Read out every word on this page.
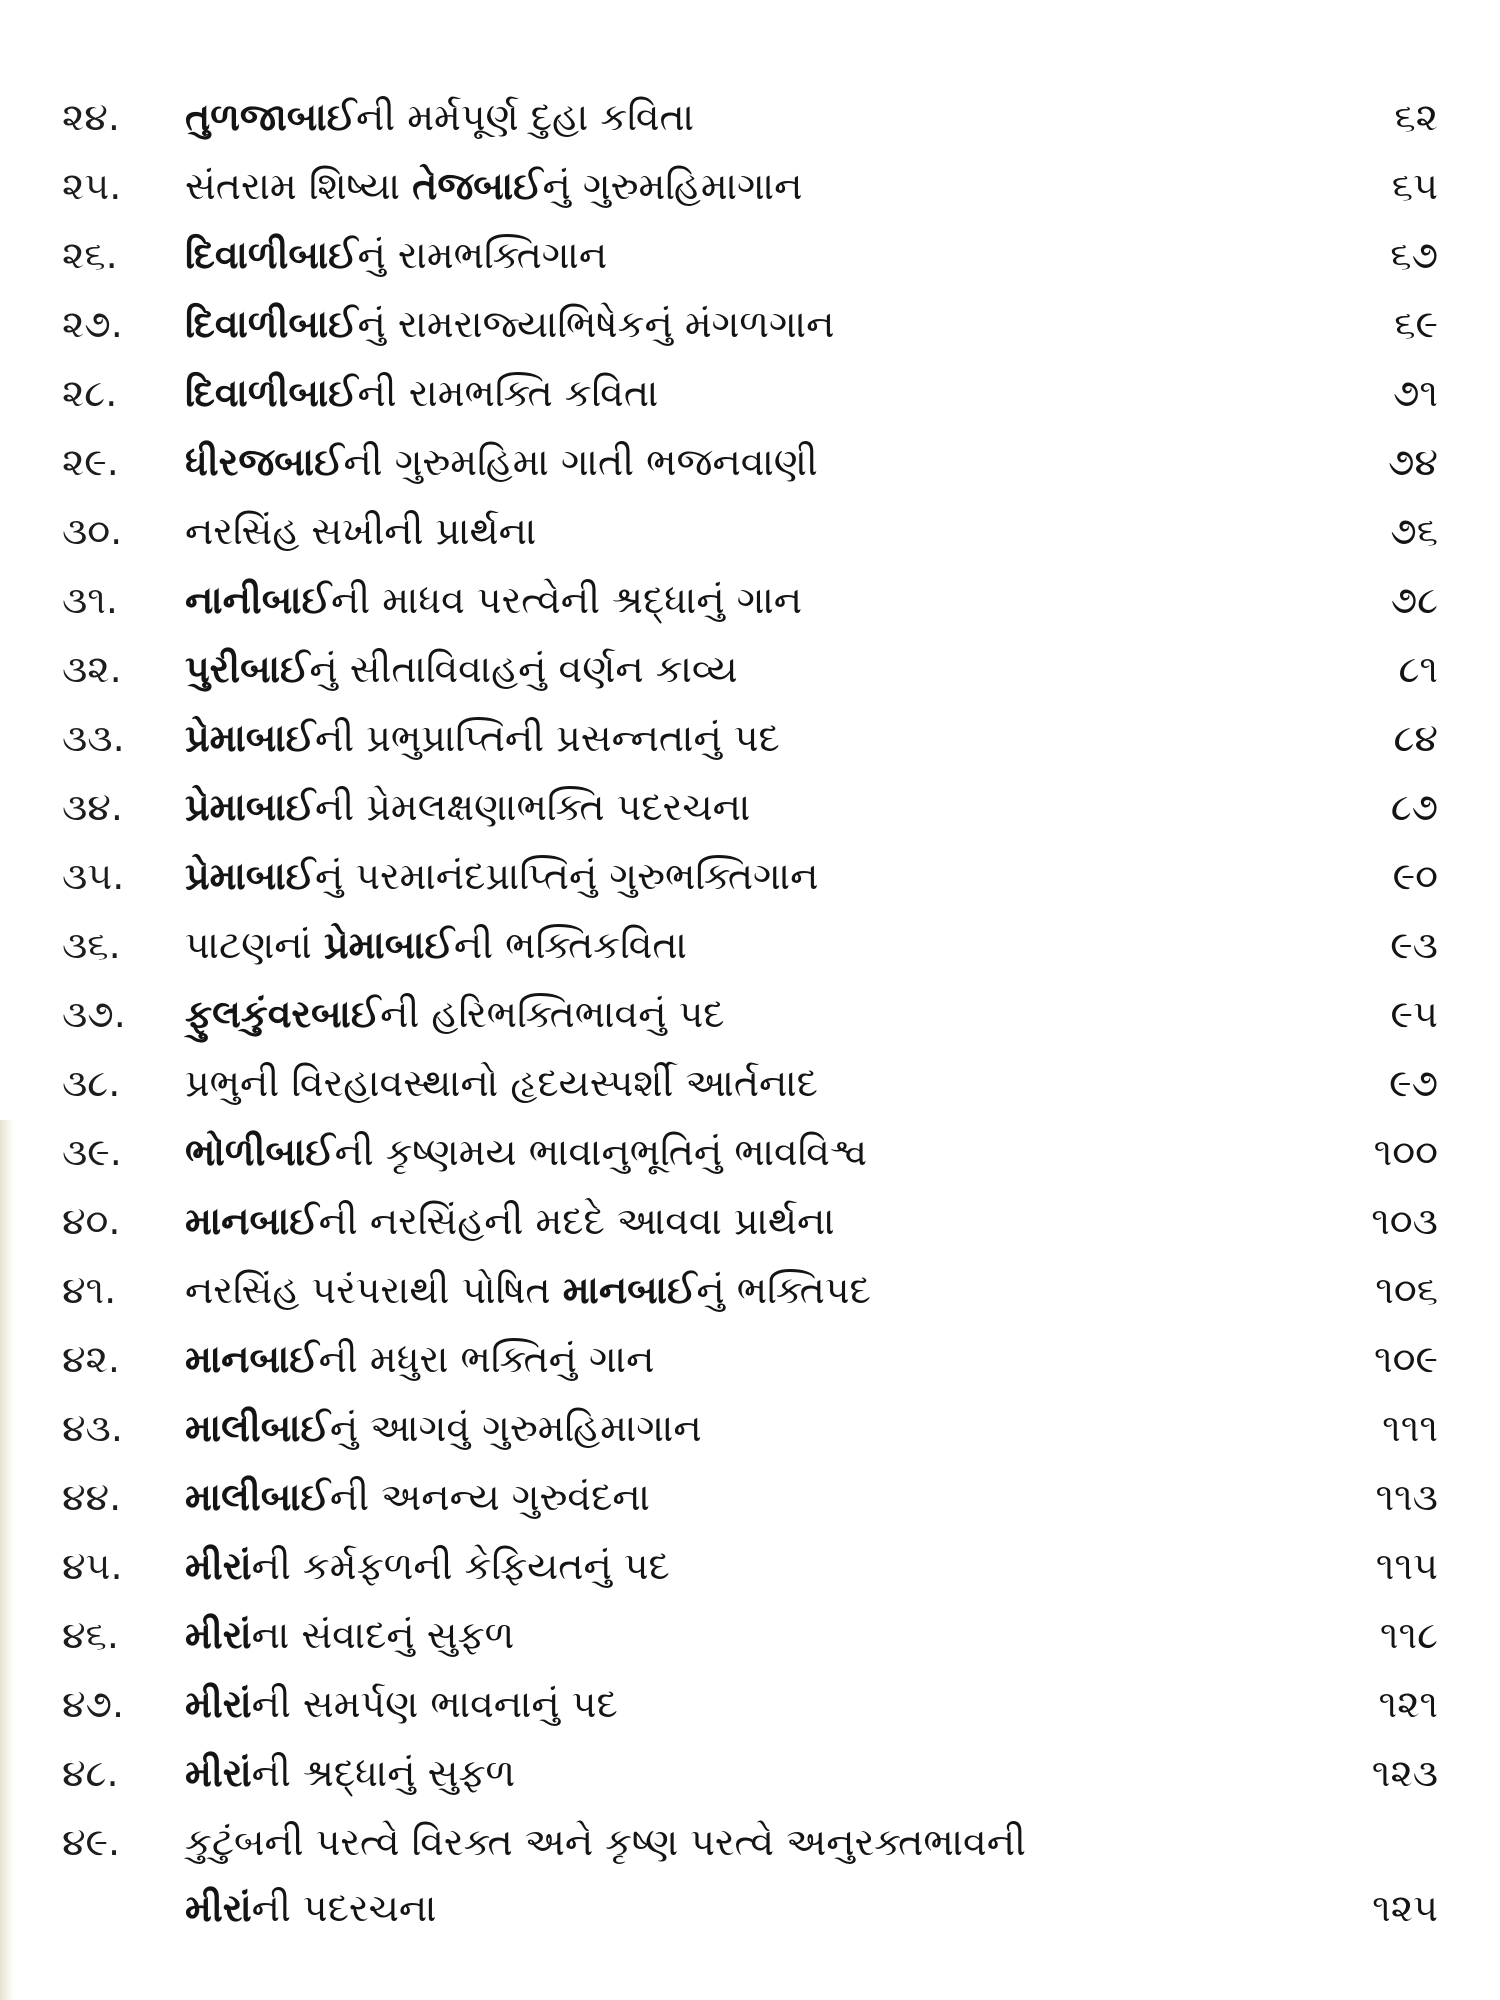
૨૪.	તુળજાબાઈની મર્મપૂર્ણ દુહા કવિતા	૬૨
૨૫.	સંતરામ શિષ્યા તેજબાઈનું ગુરુમહિમાગાન	૬૫
૨૬.	દિવાળીબાઈનું રામભક્તિગાન	૬૭
૨૭.	દિવાળીબાઈનું રામરાજ્યાભિષેકનું મંગળગાન	૬૯
૨૮.	દિવાળીબાઈની રામભક્તિ કવિતા	૭૧
૨૯.	ધીરજબાઈની ગુરુમહિમા ગાતી ભજનવાણી	૭૪
૩૦.	નરસિંહ સખીની પ્રાર્થના	૭૬
૩૧.	નાનીબાઈની માધવ પરત્વેની શ્રદ્ધાનું ગાન	૭૮
૩૨.	પુરીબાઈનું સીતાવિવાહનું વર્ણન કાવ્ય	૮૧
૩૩.	પ્રેમાબાઈની પ્રભુપ્રાપ્તિની પ્રસન્નતાનું પદ	૮૪
૩૪.	પ્રેમાબાઈની પ્રેમલક્ષણાભક્તિ પદરચના	૮૭
૩૫.	પ્રેમાબાઈનું પરમાનંદપ્રાપ્તિનું ગુરુભક્તિગાન	૯૦
૩૬.	પાટણનાં પ્રેમાબાઈની ભક્તિકવિતા	૯૩
૩૭.	ફુલકુંવરબાઈની હરિભક્તિભાવનું પદ	૯૫
૩૮.	પ્રભુની વિરહાવસ્થાનો હૃદયસ્પર્શી આર્તનાદ	૯૭
૩૯.	ભોળીબાઈની કૃષ્ણમય ભાવાનુભૂતિનું ભાવવિશ્વ	૧૦૦
૪૦.	માનબાઈની નરસિંહની મદદે આવવા પ્રાર્થના	૧૦૩
૪૧.	નરસિંહ પરંપરાથી પોષિત માનબાઈનું ભક્તિપદ	૧૦૬
૪૨.	માનબાઈની મધુરા ભક્તિનું ગાન	૧૦૯
૪૩.	માલીબાઈનું આગવું ગુરુમહિમાગાન	૧૧૧
૪૪.	માલીબાઈની અનન્ય ગુરુવંદના	૧૧૩
૪૫.	મીરાંની કર્મફળની કેફિયતનું પદ	૧૧૫
૪૬.	મીરાંના સંવાદનું સુફળ	૧૧૮
૪૭.	મીરાંની સમર્પણ ભાવનાનું પદ	૧૨૧
૪૮.	મીરાંની શ્રદ્ધાનું સુફળ	૧૨૩
૪૯.	કુટુંબની પરત્વે વિરક્ત અને કૃષ્ણ પરત્વે અનુરક્તભાવની
મીરાંની પદરચના	૧૨૫
